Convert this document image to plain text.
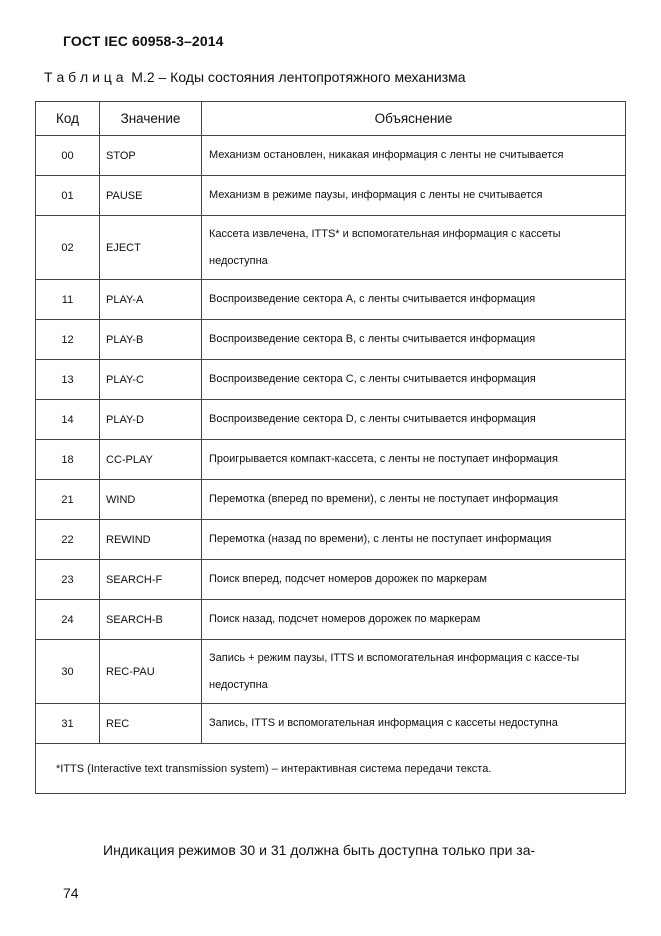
ГОСТ IEC 60958-3–2014
Т а б л и ц а  М.2 – Коды состояния лентопротяжного механизма
Код	Значение	Объяснение
00	STOP	Механизм остановлен, никакая информация с ленты не считывается
01	PAUSE	Механизм в режиме паузы, информация с ленты не считывается
02	EJECT	Кассета извлечена, ITTS* и вспомогательная информация с кассеты недоступна
11	PLAY-A	Воспроизведение сектора А, с ленты считывается информация
12	PLAY-B	Воспроизведение сектора В, с ленты считывается информация
13	PLAY-C	Воспроизведение сектора С, с ленты считывается информация
14	PLAY-D	Воспроизведение сектора D, с ленты считывается информация
18	CC-PLAY	Проигрывается компакт-кассета, с ленты не поступает информация
21	WIND	Перемотка (вперед по времени), с ленты не поступает информация
22	REWIND	Перемотка (назад по времени), с ленты не поступает информация
23	SEARCH-F	Поиск вперед, подсчет номеров дорожек по маркерам
24	SEARCH-B	Поиск назад, подсчет номеров дорожек по маркерам
30	REC-PAU	Запись + режим паузы, ITTS и вспомогательная информация с кассе-ты недоступна
31	REC	Запись, ITTS и вспомогательная информация с кассеты недоступна
*ITTS (Interactive text transmission system) – интерактивная система передачи текста.		
Индикация режимов 30 и 31 должна быть доступна только при за-
74
